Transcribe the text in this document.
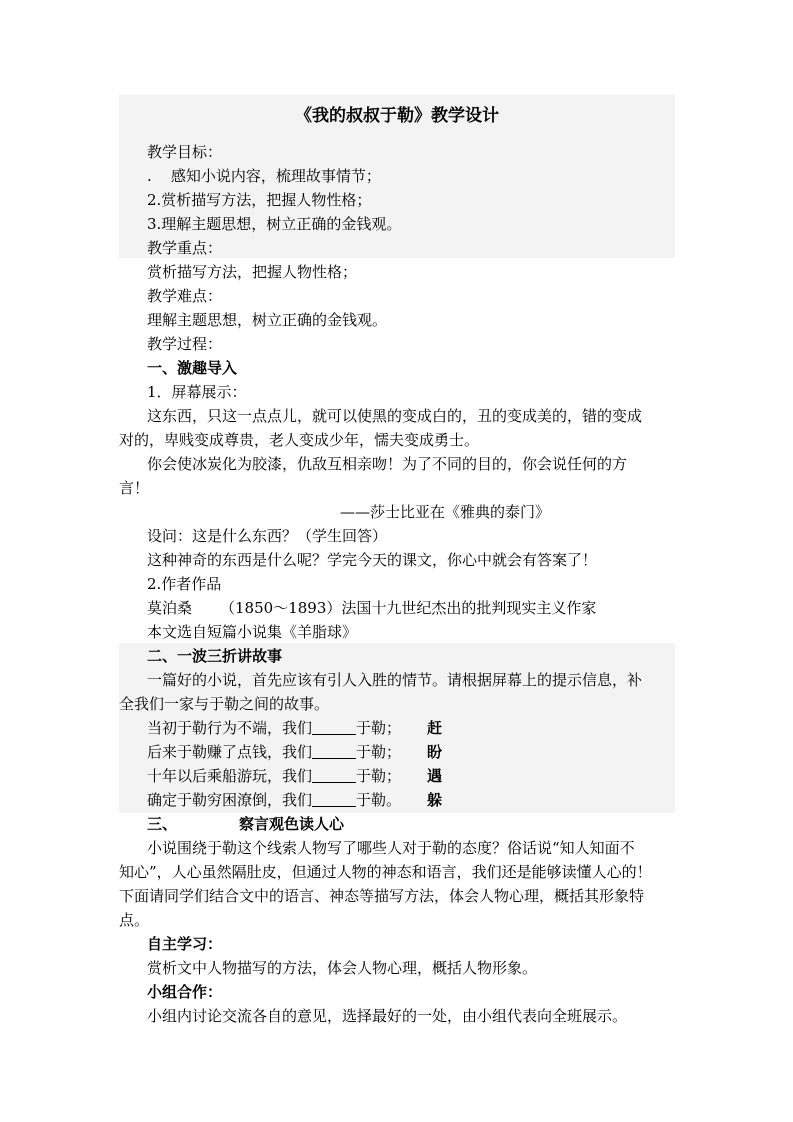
《我的叔叔于勒》教学设计
教学目标：
.    感知小说内容，梳理故事情节；
2.赏析描写方法，把握人物性格；
3.理解主题思想，树立正确的金钱观。
教学重点：
赏析描写方法，把握人物性格；
教学难点：
理解主题思想，树立正确的金钱观。
教学过程：
一、激趣导入
1．屏幕展示：
这东西，只这一点点儿，就可以使黑的变成白的，丑的变成美的，错的变成
对的，卑贱变成尊贵，老人变成少年，懦夫变成勇士。
你会使冰炭化为胶漆，仇敌互相亲吻！为了不同的目的，你会说任何的方
言！
——莎士比亚在《雅典的泰门》
设问：这是什么东西？（学生回答）
这种神奇的东西是什么呢？学完今天的课文，你心中就会有答案了！
2.作者作品
莫泊桑 （1850～1893）法国十九世纪杰出的批判现实主义作家
本文选自短篇小说集《羊脂球》
二、一波三折讲故事
一篇好的小说，首先应该有引人入胜的情节。请根据屏幕上的提示信息，补
全我们一家与于勒之间的故事。
当初于勒行为不端，我们	于勒； 赶
后来于勒赚了点钱，我们	于勒； 盼
十年以后乘船游玩，我们	于勒； 遇
确定于勒穷困潦倒，我们	于勒。 躲
三、	察言观色读人心
小说围绕于勒这个线索人物写了哪些人对于勒的态度？俗话说“知人知面不
知心”，人心虽然隔肚皮，但通过人物的神态和语言，我们还是能够读懂人心的！
下面请同学们结合文中的语言、神态等描写方法，体会人物心理，概括其形象特
点。
自主学习：
赏析文中人物描写的方法，体会人物心理，概括人物形象。
小组合作：
小组内讨论交流各自的意见，选择最好的一处，由小组代表向全班展示。
